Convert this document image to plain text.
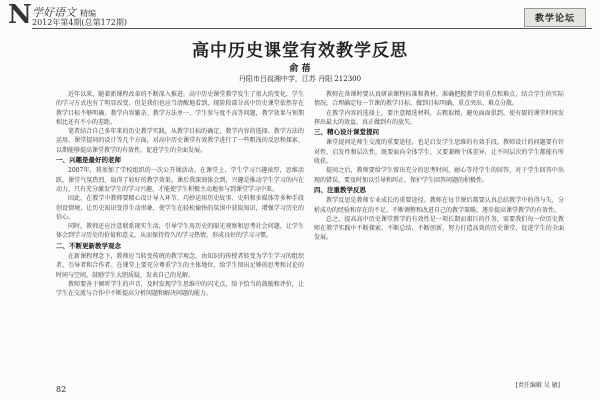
N 学好语文 精编
2012年第4期(总第172期)	教学论坛
高中历史课堂有效教学反思
俞 蓓
丹阳市吕叔湘中学，江苏 丹阳 212300

近年以来，随着新课程改革的不断深入推进，高中历史课堂教学发生了很大的变化，学生的学习方式也有了明显改变。但是我们也应当清醒地看到，现阶段部分高中历史课堂依然存在教学目标不够明确、教学内容繁杂、教学方法单一、学生参与度不高等问题，教学效果与预期相比还有不小的差距。

笔者结合自己多年来的历史教学实践，从教学目标的确定、教学内容的选择、教学方法的运用、课堂提问的设计等几个方面，对高中历史课堂有效教学进行了一些粗浅的反思和探索，以期能够提高课堂教学的有效性，促进学生的全面发展。

一、兴趣是最好的老师

2007年，我参加了学校组织的一次公开课活动。在课堂上，学生学习兴趣浓厚，思维活跃，课堂气氛热烈，取得了较好的教学效果。课后我深刻体会到，兴趣是推动学生学习的内在动力，只有充分激发学生的学习兴趣，才能使学生积极主动地参与到课堂学习中来。

因此，在教学中教师要精心设计导入环节，巧妙运用历史故事、史料和多媒体等多种手段创设情境，让历史知识变得生动形象，使学生在轻松愉快的氛围中获取知识，增强学习历史的信心。

同时，教师还应注意联系现实生活，引导学生用历史的眼光观察和思考社会问题，让学生体会到学习历史的价值和意义，从而保持持久的学习热情，形成良好的学习习惯。

二、不断更新教学观念

在新课程理念下，教师应当转变传统的教学观念，由知识的传授者转变为学生学习的组织者、引导者和合作者。在课堂上要充分尊重学生的主体地位，给学生留出足够的思考和讨论的时间与空间，鼓励学生大胆质疑，发表自己的见解。

教师要善于倾听学生的声音，及时发现学生思维中的闪光点，给予恰当的鼓励和评价，让学生在交流与合作中不断提高分析问题和解决问题的能力。

教师在备课时要认真研读课程标准和教材，准确把握教学的重点和难点，结合学生的实际情况，合理确定每一节课的教学目标，做到目标明确、重点突出、难点分散。

在教学内容的选择上，要注意精选材料，去粗取精，避免面面俱到，使有限的课堂时间发挥出最大的效益，真正做到有的放矢。

三、精心设计课堂提问

课堂提问是师生交流的重要途径，也是启发学生思维的有效手段。教师设计的问题要有针对性、启发性和层次性，既要面向全体学生，又要兼顾个体差异，让不同层次的学生都能有所收获。

提问之后，教师要给学生留出充分的思考时间，耐心等待学生的回答，对于学生回答中出现的错误，要及时加以引导和纠正，保护学生回答问题的积极性。

四、注重教学反思

教学反思是教师专业成长的重要途径。教师在每节课后都要认真总结教学中的得与失，分析成功的经验和存在的不足，不断调整和改进自己的教学策略，逐步提高课堂教学的有效性。

总之，提高高中历史课堂教学的有效性是一项长期而艰巨的任务，需要我们每一位历史教师在教学实践中不断探索、不断总结、不断创新，努力打造高效的历史课堂，促进学生的全面发展。

[责任编辑 吴 敏]
82
